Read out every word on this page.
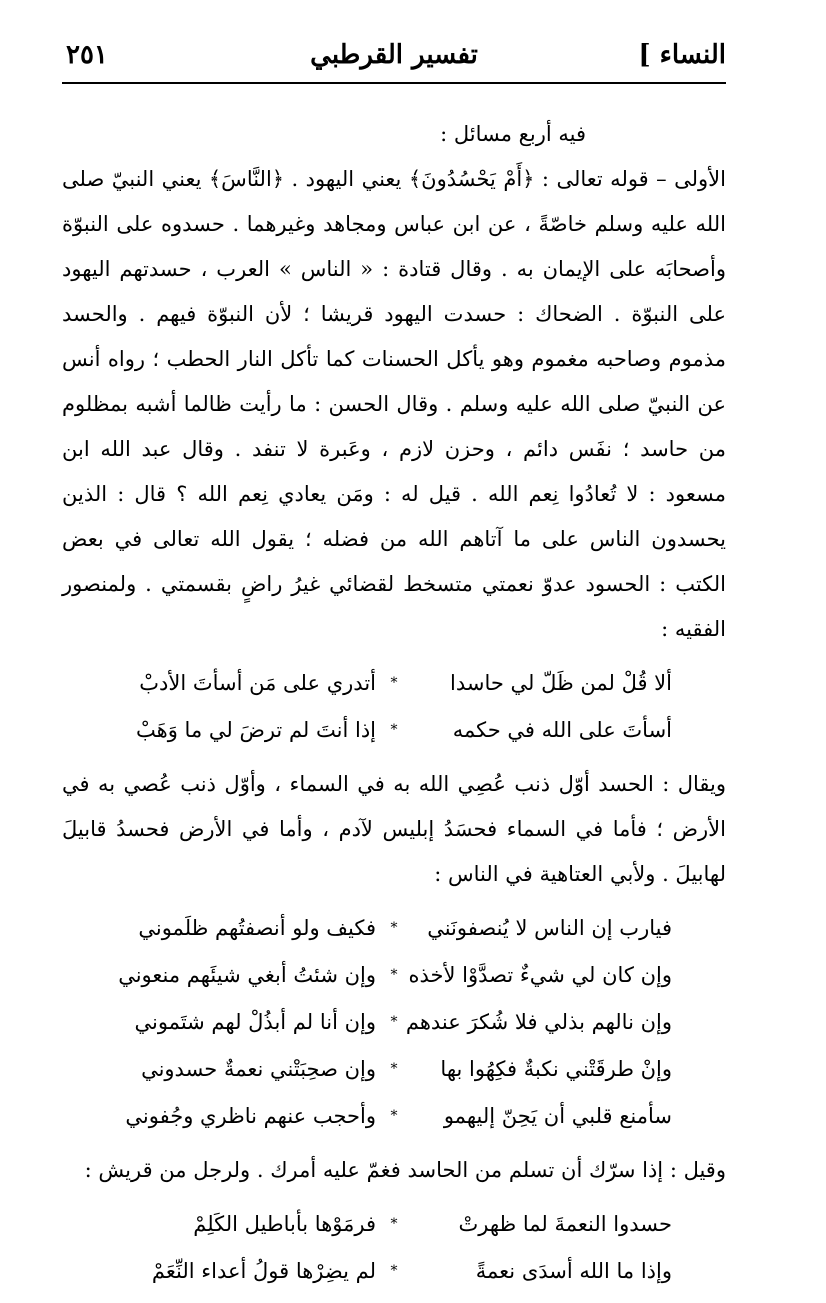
النساء ]
تفسير القرطبي
٢٥١

فيه أربع مسائل :

الأولى – قوله تعالى : ﴿أَمْ يَحْسُدُونَ﴾ يعني اليهود . ﴿النَّاسَ﴾ يعني النبيّ صلى الله عليه وسلم خاصّةً ، عن ابن عباس ومجاهد وغيرهما . حسدوه على النبوّة وأصحابَه على الإيمان به . وقال قتادة : « الناس » العرب ، حسدتهم اليهود على النبوّة . الضحاك : حسدت اليهود قريشا ؛ لأن النبوّة فيهم . والحسد مذموم وصاحبه مغموم وهو يأكل الحسنات كما تأكل النار الحطب ؛ رواه أنس عن النبيّ صلى الله عليه وسلم . وقال الحسن : ما رأيت ظالما أشبه بمظلوم من حاسد ؛ نفَس دائم ، وحزن لازم ، وعَبرة لا تنفد . وقال عبد الله ابن مسعود : لا تُعادُوا نِعم الله . قيل له : ومَن يعادي نِعم الله ؟ قال : الذين يحسدون الناس على ما آتاهم الله من فضله ؛ يقول الله تعالى في بعض الكتب : الحسود عدوّ نعمتي متسخط لقضائي غيرُ راضٍ بقسمتي . ولمنصور الفقيه :

ألا قُلْ لمن ظَلّ لي حاسدا
*
أتدري على مَن أسأتَ الأدبْ
أسأتَ على الله في حكمه
*
إذا أنتَ لم ترضَ لي ما وَهَبْ

ويقال : الحسد أوّل ذنب عُصِي الله به في السماء ، وأوّل ذنب عُصي به في الأرض ؛ فأما في السماء فحسَدُ إبليس لآدم ، وأما في الأرض فحسدُ قابيلَ لهابيلَ . ولأبي العتاهية في الناس :

فيارب إن الناس لا يُنصفونَني
*
فكيف ولو أنصفتُهم ظلَموني
وإن كان لي شيءٌ تصدَّوْا لأخذه
*
وإن شئتُ أبغي شيئَهم منعوني
وإن نالهم بذلي فلا شُكرَ عندهم
*
وإن أنا لم أبذُلْ لهم شتَموني
وإنْ طرقَتْني نكبةٌ فكِهُوا بها
*
وإن صحِبَتْني نعمةٌ حسدوني
سأمنع قلبي أن يَحِنّ إليهمو
*
وأحجب عنهم ناظري وجُفوني

وقيل : إذا سرّك أن تسلم من الحاسد فغمّ عليه أمرك . ولرجل من قريش :

حسدوا النعمةَ لما ظهرتْ
*
فرمَوْها بأباطيل الكَلِمْ
وإذا ما الله أسدَى نعمةً
*
لم يضِرْها قولُ أعداء النِّعَمْ
